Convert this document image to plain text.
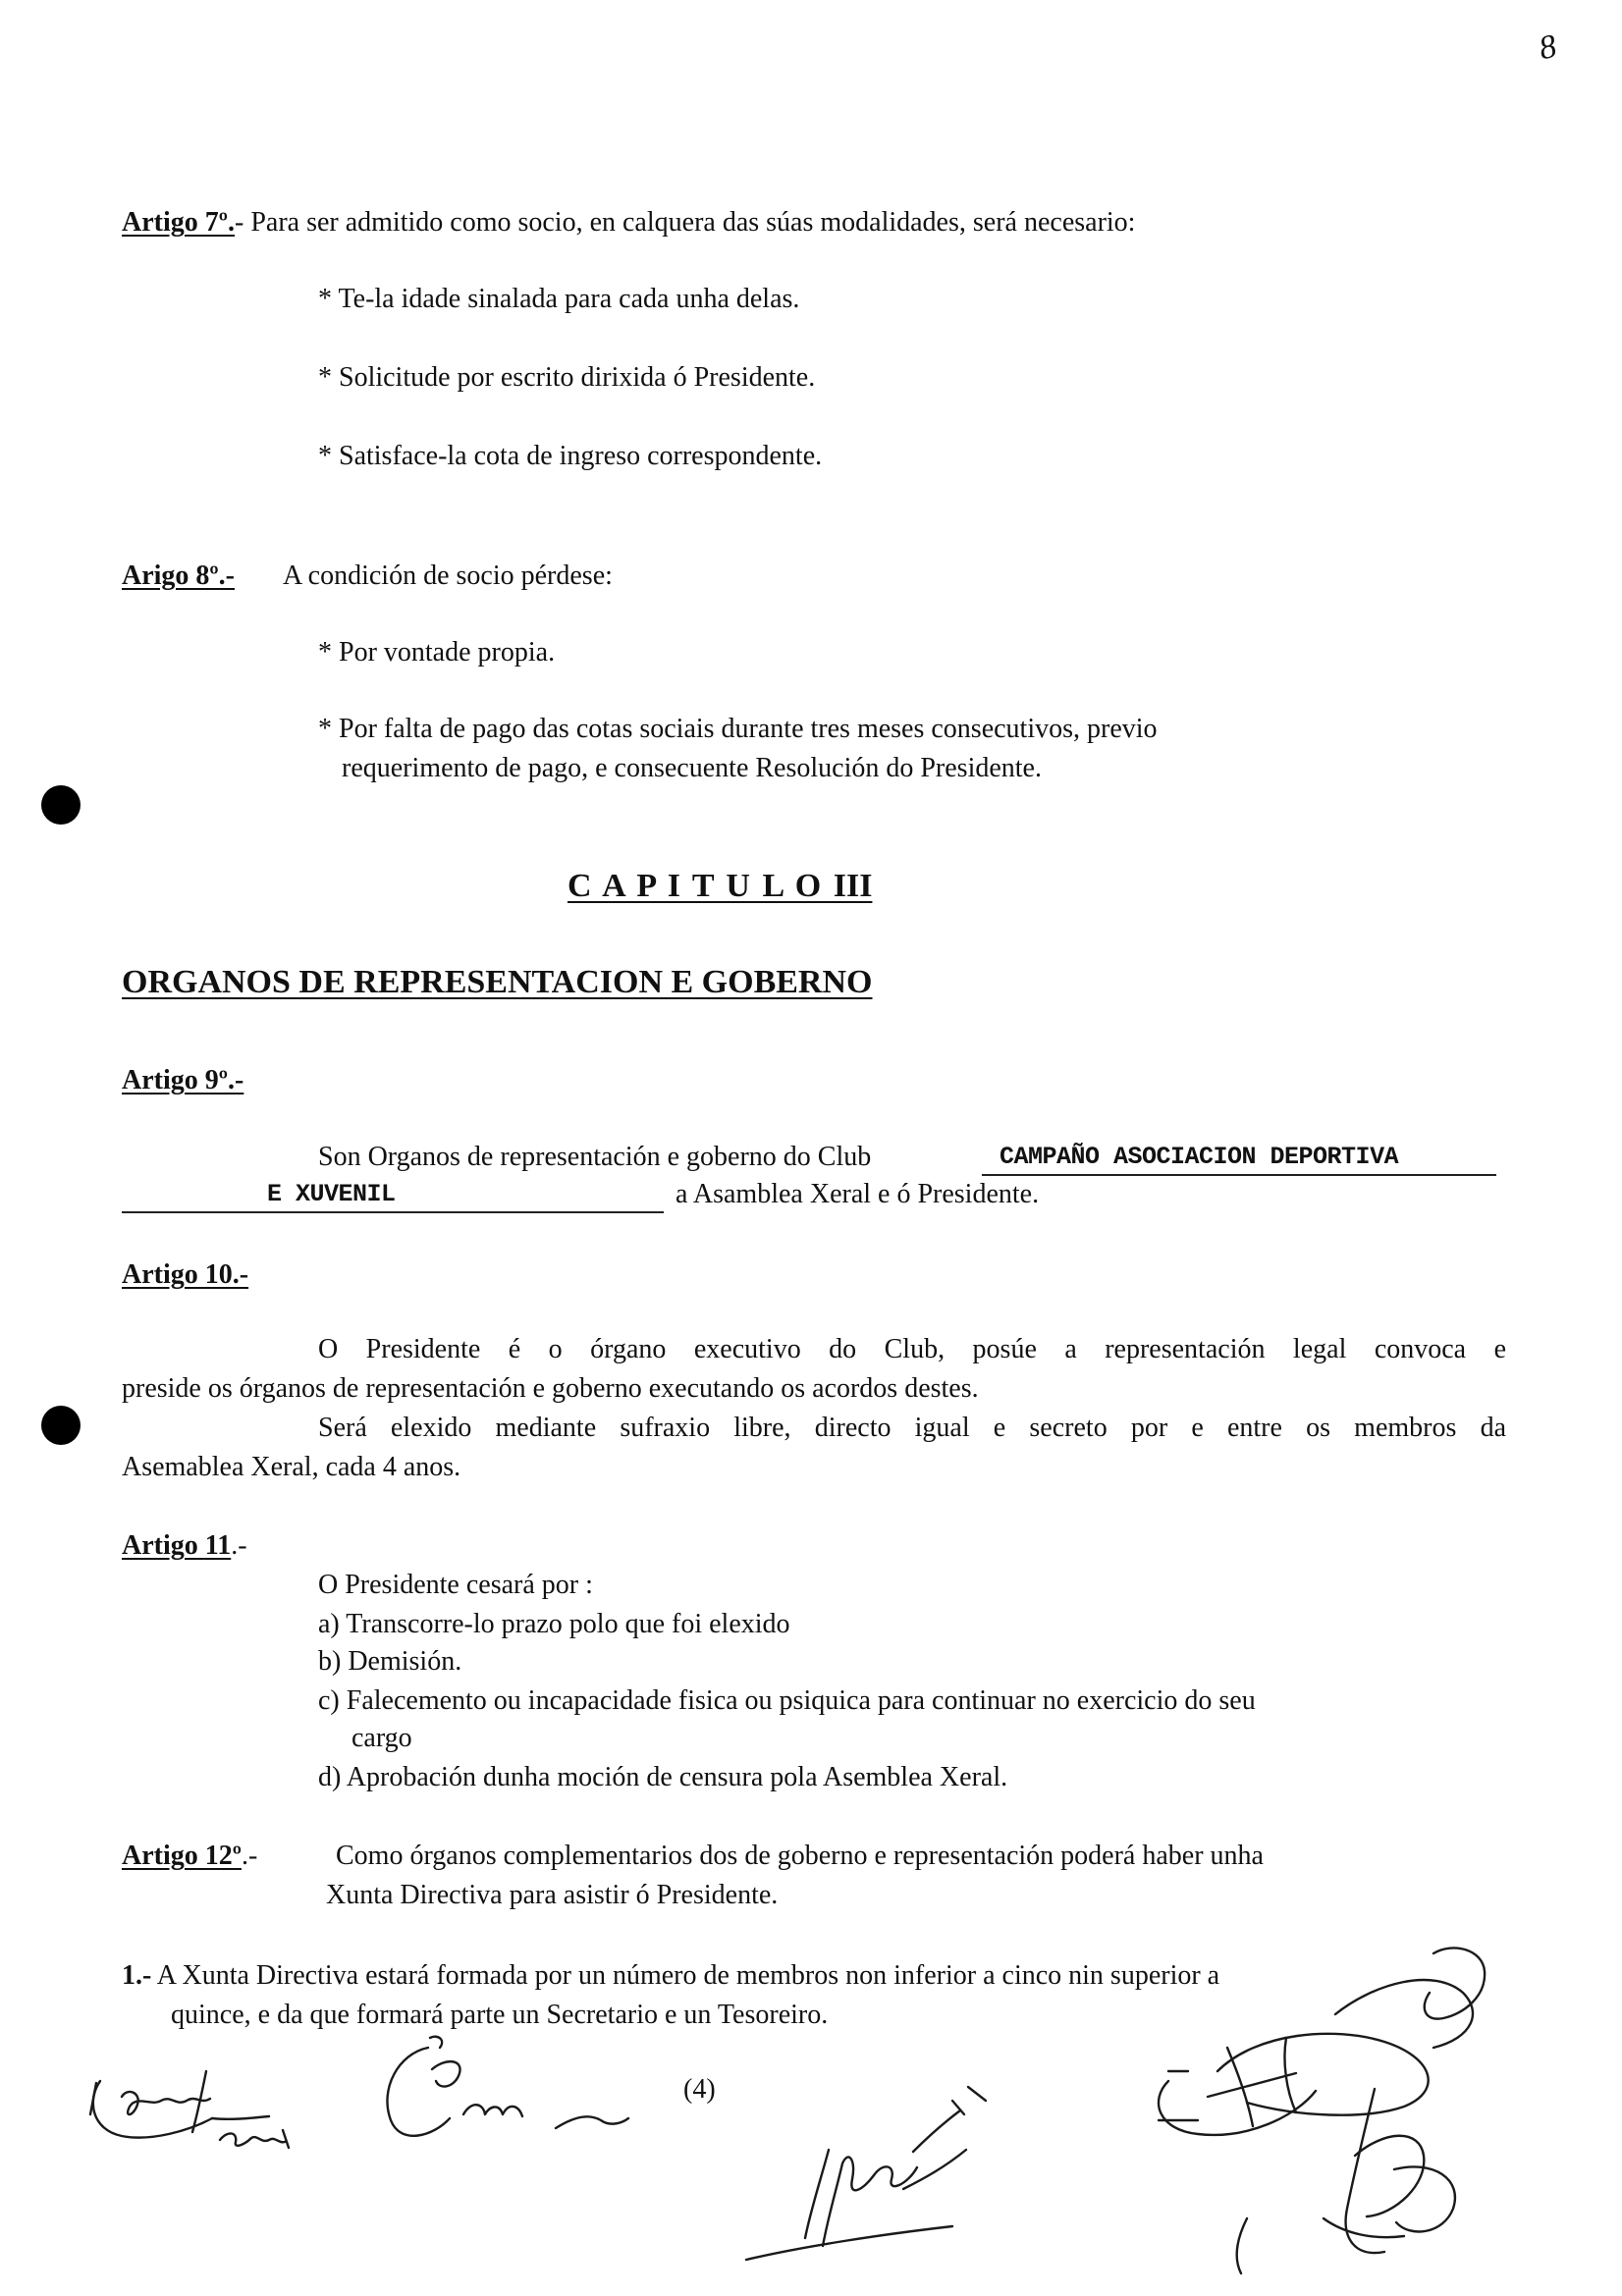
8
Artigo 7º.- Para ser admitido como socio, en calquera das súas modalidades, será necesario:
* Te-la idade sinalada para cada unha delas.
* Solicitude por escrito dirixida ó Presidente.
* Satisface-la cota de ingreso correspondente.
Arigo 8º.- A condición de socio pérdese:
* Por vontade propia.
* Por falta de pago das cotas sociais durante tres meses consecutivos, previo
requerimento de pago, e consecuente Resolución do Presidente.
C A P I T U L O III
ORGANOS DE REPRESENTACION E GOBERNO
Artigo 9º.-
Son Organos de representación e goberno do Club	CAMPAÑO ASOCIACION DEPORTIVA
E XUVENIL	a Asamblea Xeral e ó Presidente.
Artigo 10.-
O Presidente é o órgano executivo do Club, posúe a representación legal convoca e
preside os órganos de representación e goberno executando os acordos destes.
Será elexido mediante sufraxio libre, directo igual e secreto por e entre os membros da
Asemablea Xeral, cada 4 anos.
Artigo 11.-
O Presidente cesará por :
a) Transcorre-lo prazo polo que foi elexido
b) Demisión.
c) Falecemento ou incapacidade fisica ou psiquica para continuar no exercicio do seu
cargo
d) Aprobación dunha moción de censura pola Asemblea Xeral.
Artigo 12º.-	Como órganos complementarios dos de goberno e representación poderá haber unha
Xunta Directiva para asistir ó Presidente.
1.- A Xunta Directiva estará formada por un número de membros non inferior a cinco nin superior a
quince, e da que formará parte un Secretario e un Tesoreiro.
(4)
